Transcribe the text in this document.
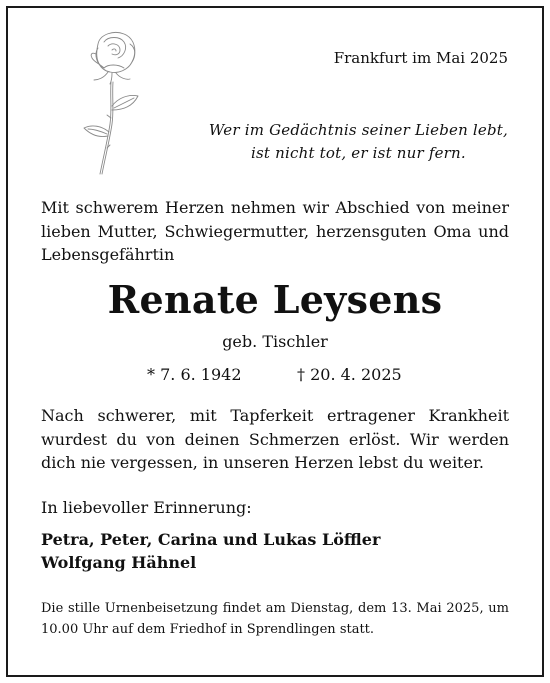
Frankfurt im Mai 2025
Wer im Gedächtnis seiner Lieben lebt,
ist nicht tot, er ist nur fern.
Mit schwerem Herzen nehmen wir Abschied von meiner lieben Mutter, Schwiegermutter, herzensguten Oma und Lebensgefährtin
Renate Leysens
geb. Tischler
* 7. 6. 1942	† 20. 4. 2025
Nach schwerer, mit Tapferkeit ertragener Krankheit wurdest du von deinen Schmerzen erlöst. Wir werden dich nie vergessen, in unseren Herzen lebst du weiter.
In liebevoller Erinnerung:
Petra, Peter, Carina und Lukas Löffler
Wolfgang Hähnel
Die stille Urnenbeisetzung findet am Dienstag, dem 13. Mai 2025, um 10.00 Uhr auf dem Friedhof in Sprendlingen statt.
